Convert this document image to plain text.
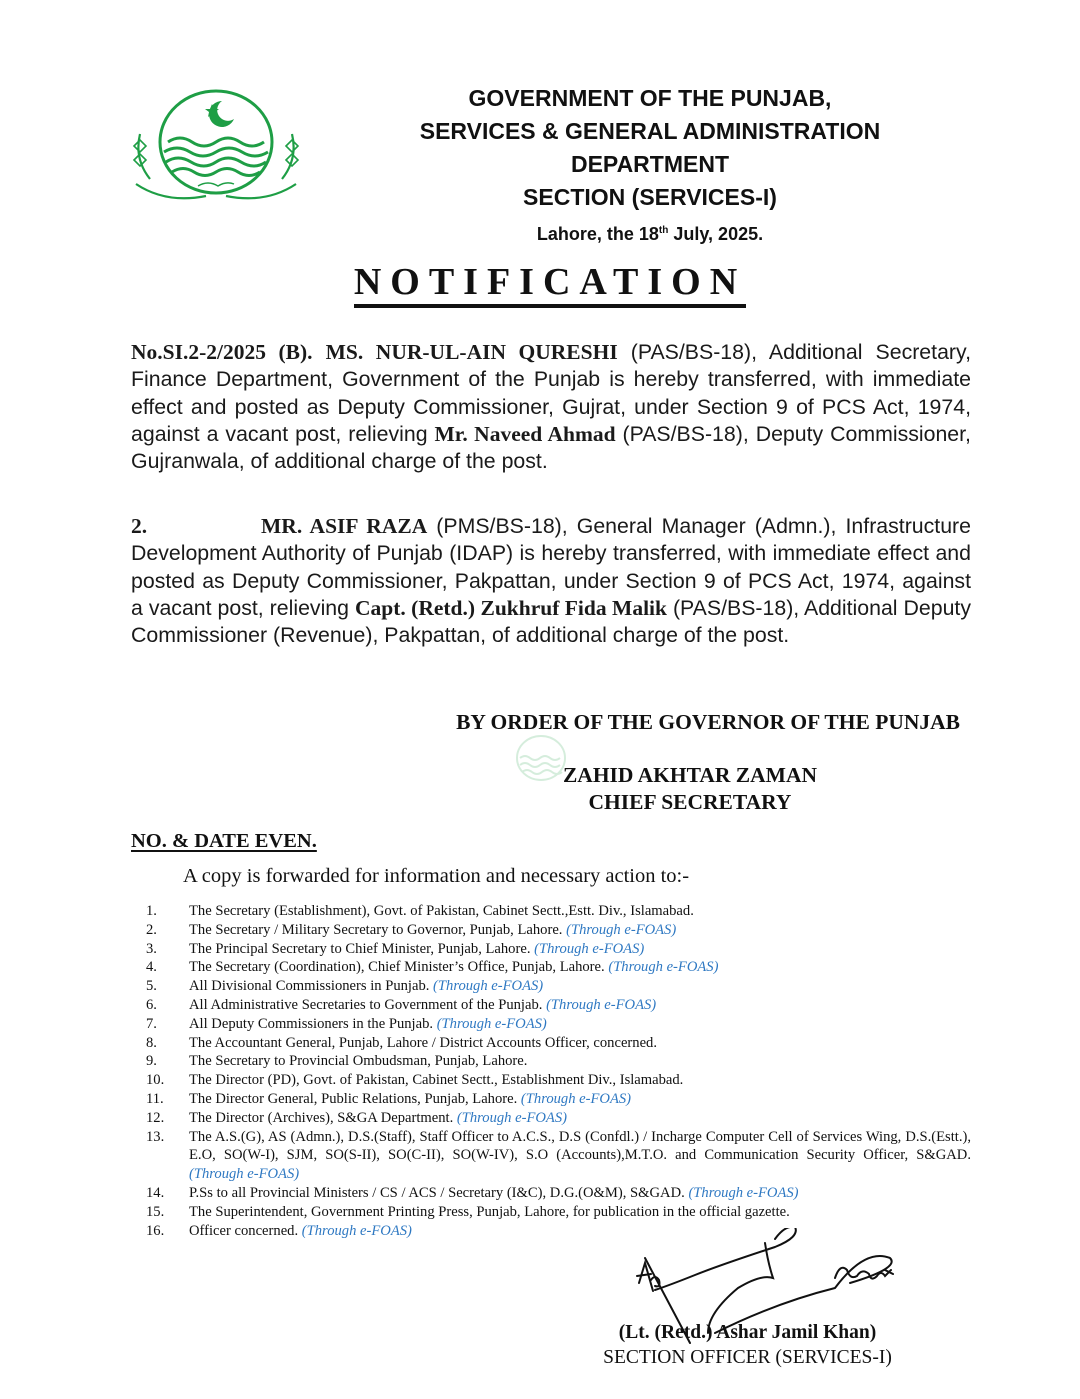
GOVERNMENT OF THE PUNJAB,
SERVICES & GENERAL ADMINISTRATION
DEPARTMENT
SECTION (SERVICES-I)
Lahore, the 18th July, 2025.
NOTIFICATION
No.SI.2-2/2025 (B). MS. NUR-UL-AIN QURESHI (PAS/BS-18), Additional Secretary, Finance Department, Government of the Punjab is hereby transferred, with immediate effect and posted as Deputy Commissioner, Gujrat, under Section 9 of PCS Act, 1974, against a vacant post, relieving Mr. Naveed Ahmad (PAS/BS-18), Deputy Commissioner, Gujranwala, of additional charge of the post.
2.	MR. ASIF RAZA (PMS/BS-18), General Manager (Admn.), Infrastructure Development Authority of Punjab (IDAP) is hereby transferred, with immediate effect and posted as Deputy Commissioner, Pakpattan, under Section 9 of PCS Act, 1974, against a vacant post, relieving Capt. (Retd.) Zukhruf Fida Malik (PAS/BS-18), Additional Deputy Commissioner (Revenue), Pakpattan, of additional charge of the post.
BY ORDER OF THE GOVERNOR OF THE PUNJAB
ZAHID AKHTAR ZAMAN
CHIEF SECRETARY
NO. & DATE EVEN.
A copy is forwarded for information and necessary action to:-
1.	The Secretary (Establishment), Govt. of Pakistan, Cabinet Sectt.,Estt. Div., Islamabad.
2.	The Secretary / Military Secretary to Governor, Punjab, Lahore. (Through e-FOAS)
3.	The Principal Secretary to Chief Minister, Punjab, Lahore. (Through e-FOAS)
4.	The Secretary (Coordination), Chief Minister’s Office, Punjab, Lahore. (Through e-FOAS)
5.	All Divisional Commissioners in Punjab. (Through e-FOAS)
6.	All Administrative Secretaries to Government of the Punjab. (Through e-FOAS)
7.	All Deputy Commissioners in the Punjab. (Through e-FOAS)
8.	The Accountant General, Punjab, Lahore / District Accounts Officer, concerned.
9.	The Secretary to Provincial Ombudsman, Punjab, Lahore.
10.	The Director (PD), Govt. of Pakistan, Cabinet Sectt., Establishment Div., Islamabad.
11.	The Director General, Public Relations, Punjab, Lahore. (Through e-FOAS)
12.	The Director (Archives), S&GA Department. (Through e-FOAS)
13.	The A.S.(G), AS (Admn.), D.S.(Staff), Staff Officer to A.C.S., D.S (Confdl.) / Incharge Computer Cell of Services Wing, D.S.(Estt.), E.O, SO(W-I), SJM, SO(S-II), SO(C-II), SO(W-IV), S.O (Accounts),M.T.O. and Communication Security Officer, S&GAD. (Through e-FOAS)
14.	P.Ss to all Provincial Ministers / CS / ACS / Secretary (I&C), D.G.(O&M), S&GAD. (Through e-FOAS)
15.	The Superintendent, Government Printing Press, Punjab, Lahore, for publication in the official gazette.
16.	Officer concerned. (Through e-FOAS)
(Lt. (Retd.) Ashar Jamil Khan)
SECTION OFFICER (SERVICES-I)
